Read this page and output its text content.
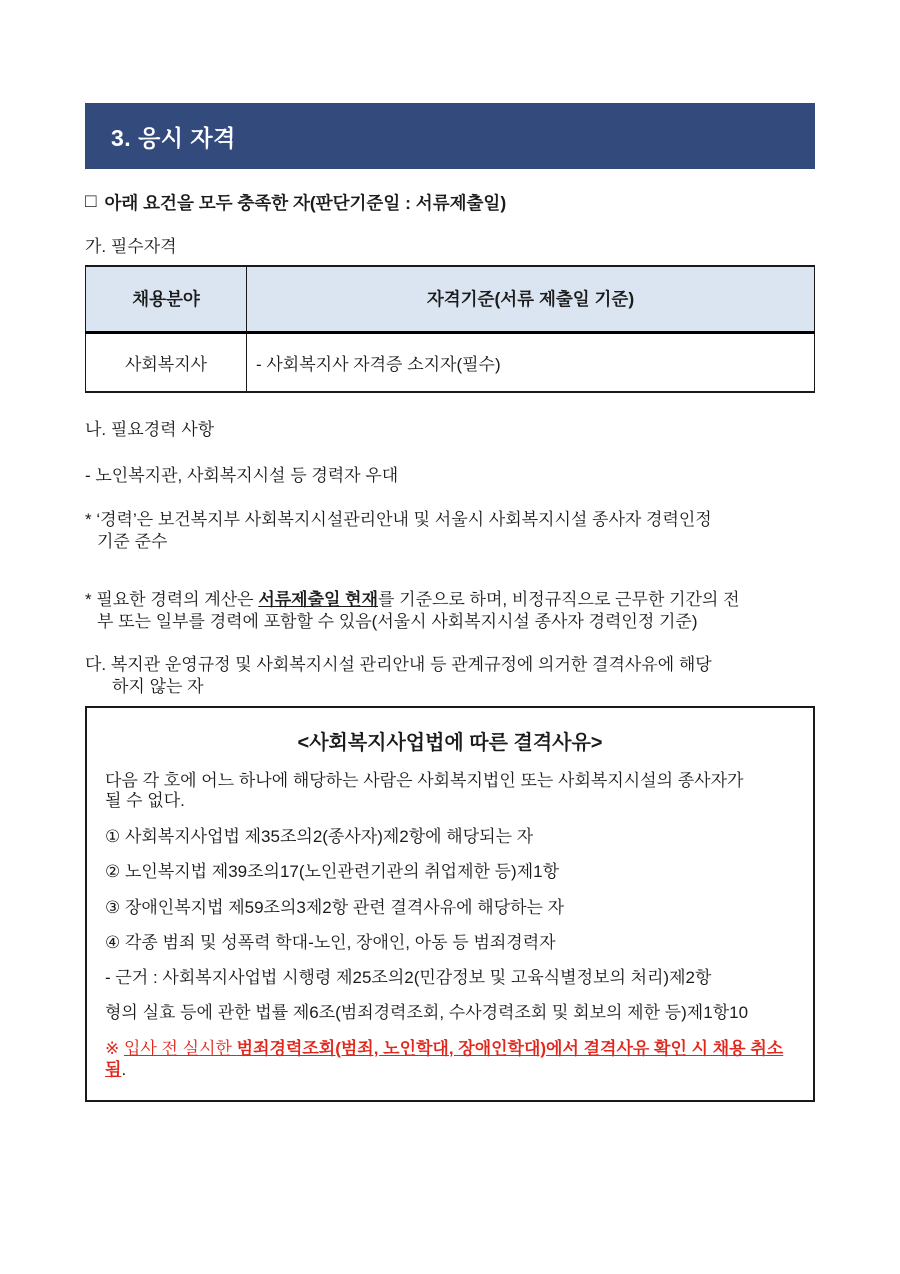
3. 응시 자격
□ 아래 요건을 모두 충족한 자(판단기준일 : 서류제출일)
가. 필수자격
채용분야	자격기준(서류 제출일 기준)
사회복지사	- 사회복지사 자격증 소지자(필수)
나. 필요경력 사항
- 노인복지관, 사회복지시설 등 경력자 우대
* ‘경력’은 보건복지부 사회복지시설관리안내 및 서울시 사회복지시설 종사자 경력인정
기준 준수
* 필요한 경력의 계산은 서류제출일 현재를 기준으로 하며, 비정규직으로 근무한 기간의 전
부 또는 일부를 경력에 포함할 수 있음(서울시 사회복지시설 종사자 경력인정 기준)
다. 복지관 운영규정 및 사회복지시설 관리안내 등 관계규정에 의거한 결격사유에 해당
하지 않는 자
<사회복지사업법에 따른 결격사유>
다음 각 호에 어느 하나에 해당하는 사람은 사회복지법인 또는 사회복지시설의 종사자가
될 수 없다.
① 사회복지사업법 제35조의2(종사자)제2항에 해당되는 자
② 노인복지법 제39조의17(노인관련기관의 취업제한 등)제1항
③ 장애인복지법 제59조의3제2항 관련 결격사유에 해당하는 자
④ 각종 범죄 및 성폭력 학대-노인, 장애인, 아동 등 범죄경력자
- 근거 : 사회복지사업법 시행령 제25조의2(민감정보 및 고육식별정보의 처리)제2항
형의 실효 등에 관한 법률 제6조(범죄경력조회, 수사경력조회 및 회보의 제한 등)제1항10
※ 입사 전 실시한 범죄경력조회(범죄, 노인학대, 장애인학대)에서 결격사유 확인 시 채용 취소됨.
